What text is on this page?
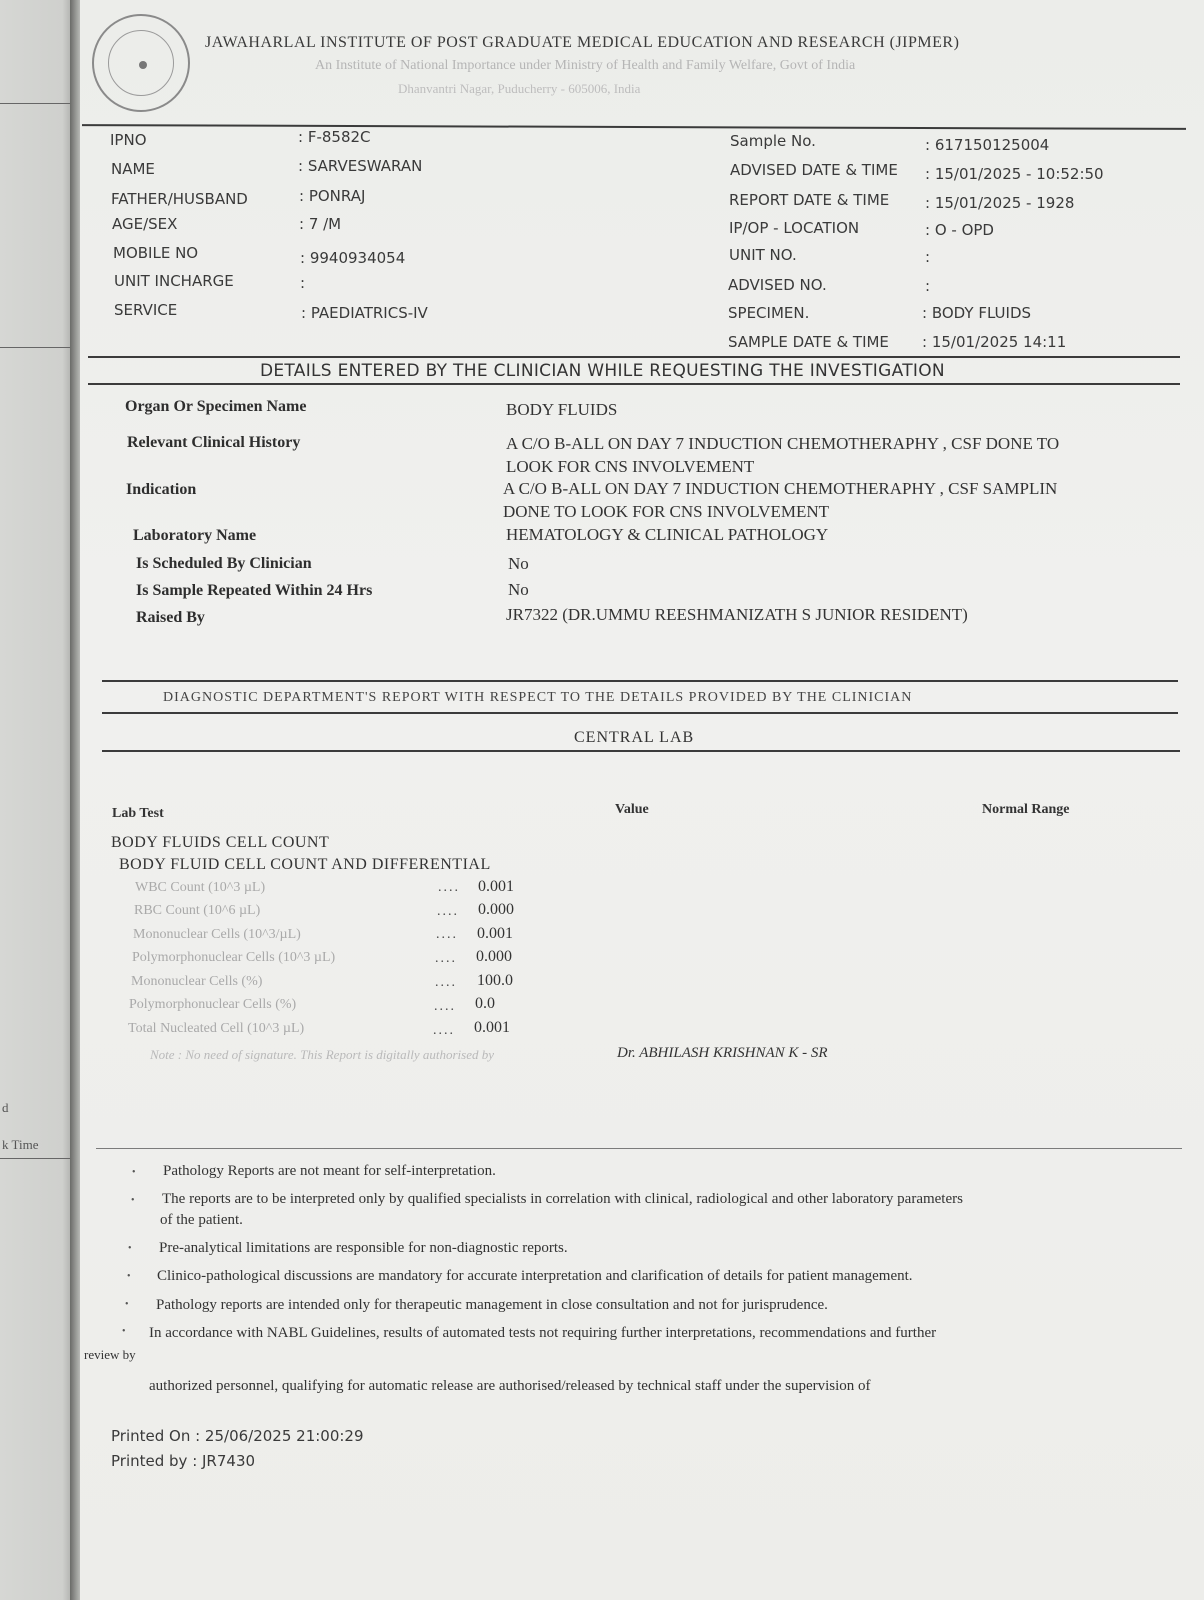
d
k Time
JAWAHARLAL INSTITUTE OF POST GRADUATE MEDICAL EDUCATION AND RESEARCH (JIPMER)
An Institute of National Importance under Ministry of Health and Family Welfare, Govt of India
Dhanvantri Nagar, Puducherry - 605006, India
IPNO	: F-8582C
NAME	: SARVESWARAN
FATHER/HUSBAND	: PONRAJ
AGE/SEX	: 7 /M
MOBILE NO	: 9940934054
UNIT INCHARGE	:
SERVICE	: PAEDIATRICS-IV
Sample No.	: 617150125004
ADVISED DATE & TIME : 15/01/2025 - 10:52:50
REPORT DATE & TIME : 15/01/2025 - 1928
IP/OP - LOCATION	: O - OPD
UNIT NO.	:
ADVISED NO.	:
SPECIMEN.	: BODY FLUIDS
SAMPLE DATE & TIME : 15/01/2025 14:11
DETAILS ENTERED BY THE CLINICIAN WHILE REQUESTING THE INVESTIGATION
Organ Or Specimen Name	BODY FLUIDS
Relevant Clinical History	A C/O B-ALL ON DAY 7 INDUCTION CHEMOTHERAPHY , CSF DONE TO
LOOK FOR CNS INVOLVEMENT
Indication	A C/O B-ALL ON DAY 7 INDUCTION CHEMOTHERAPHY , CSF SAMPLIN
DONE TO LOOK FOR CNS INVOLVEMENT
Laboratory Name	HEMATOLOGY & CLINICAL PATHOLOGY
Is Scheduled By Clinician	No
Is Sample Repeated Within 24 Hrs	No
Raised By	JR7322 (DR.UMMU REESHMANIZATH S JUNIOR RESIDENT)
DIAGNOSTIC DEPARTMENT'S REPORT WITH RESPECT TO THE DETAILS PROVIDED BY THE CLINICIAN
CENTRAL LAB
Lab Test	Value	Normal Range
BODY FLUIDS CELL COUNT
BODY FLUID CELL COUNT AND DIFFERENTIAL
WBC Count (10^3 µL)	.... 0.001
RBC Count (10^6 µL)	.... 0.000
Mononuclear Cells (10^3/µL)	.... 0.001
Polymorphonuclear Cells (10^3 µL)	.... 0.000
Mononuclear Cells (%)	.... 100.0
Polymorphonuclear Cells (%)	.... 0.0
Total Nucleated Cell (10^3 µL)	.... 0.001
Note : No need of signature. This Report is digitally authorised by	Dr. ABHILASH KRISHNAN K - SR
• Pathology Reports are not meant for self-interpretation.
• The reports are to be interpreted only by qualified specialists in correlation with clinical, radiological and other laboratory parameters
of the patient.
• Pre-analytical limitations are responsible for non-diagnostic reports.
• Clinico-pathological discussions are mandatory for accurate interpretation and clarification of details for patient management.
• Pathology reports are intended only for therapeutic management in close consultation and not for jurisprudence.
• In accordance with NABL Guidelines, results of automated tests not requiring further interpretations, recommendations and further
review by
authorized personnel, qualifying for automatic release are authorised/released by technical staff under the supervision of
Printed On : 25/06/2025 21:00:29
Printed by : JR7430
